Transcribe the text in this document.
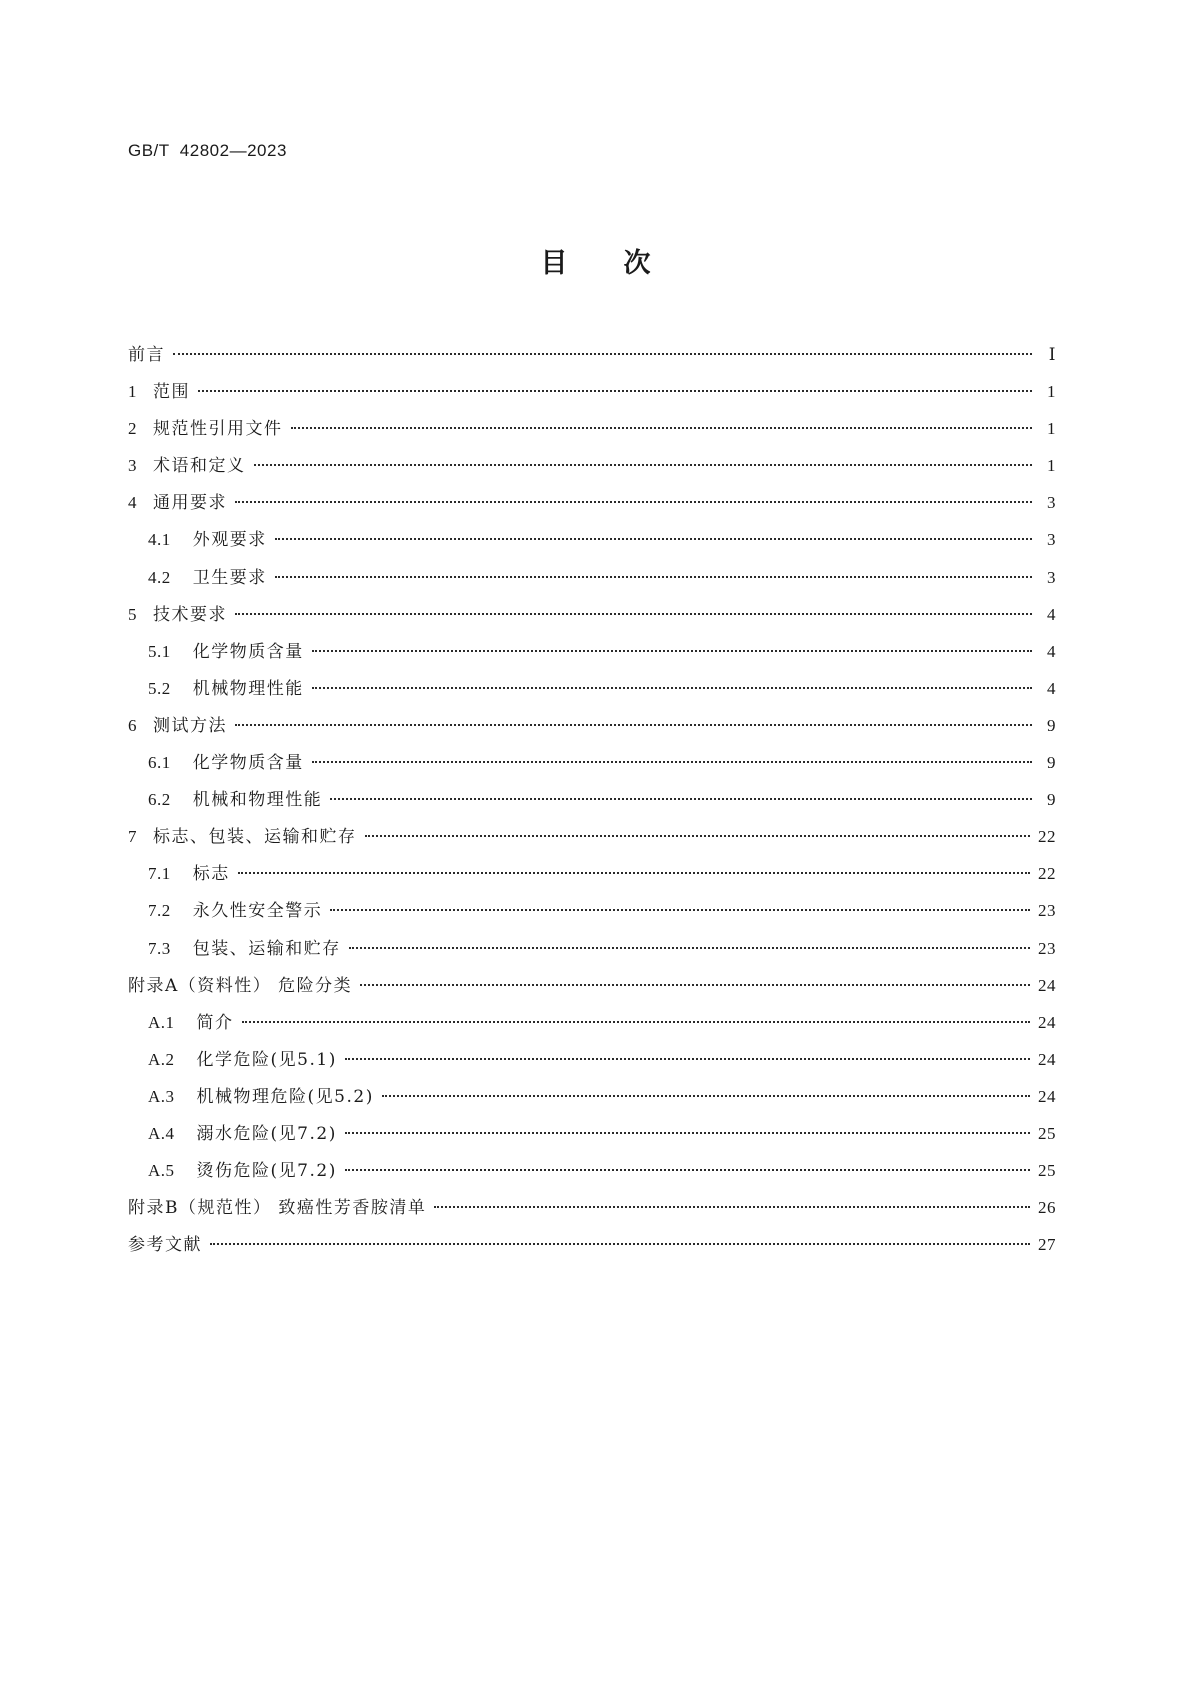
GB/T  42802—2023
目 次
前言	Ⅰ
1 范围	1
2 规范性引用文件	1
3 术语和定义	1
4 通用要求	3
4.1 外观要求	3
4.2 卫生要求	3
5 技术要求	4
5.1 化学物质含量	4
5.2 机械物理性能	4
6 测试方法	9
6.1 化学物质含量	9
6.2 机械和物理性能	9
7 标志、包装、运输和贮存	22
7.1 标志	22
7.2 永久性安全警示	23
7.3 包装、运输和贮存	23
附录A（资料性） 危险分类	24
A.1 简介	24
A.2 化学危险(见5.1)	24
A.3 机械物理危险(见5.2)	24
A.4 溺水危险(见7.2)	25
A.5 烫伤危险(见7.2)	25
附录B（规范性） 致癌性芳香胺清单	26
参考文献	27
